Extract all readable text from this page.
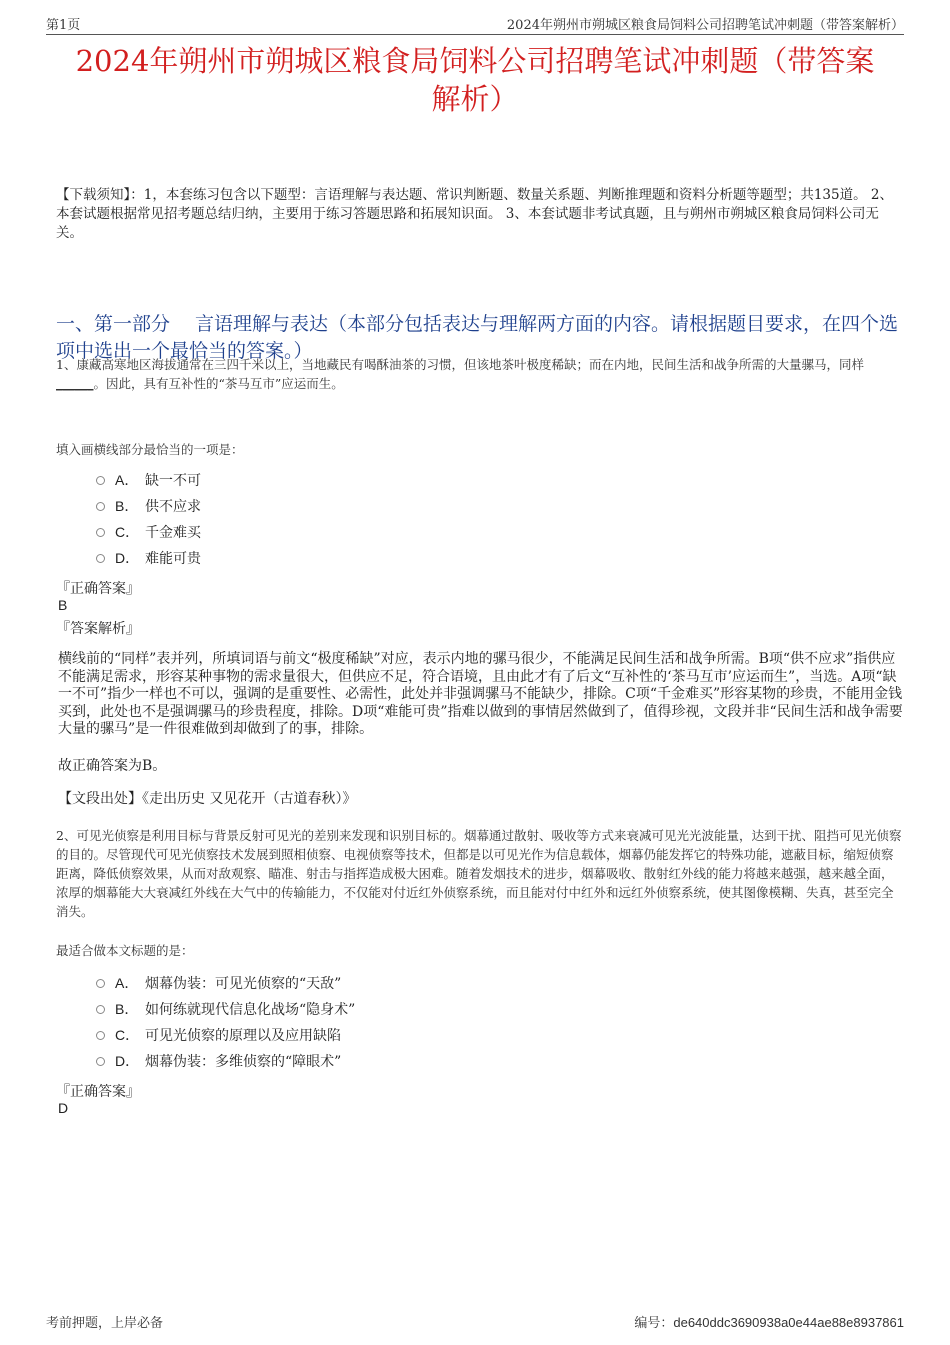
第1页	2024年朔州市朔城区粮食局饲料公司招聘笔试冲刺题（带答案解析）
2024年朔州市朔城区粮食局饲料公司招聘笔试冲刺题（带答案
解析）
【下载须知】：1，本套练习包含以下题型：言语理解与表达题、常识判断题、数量关系题、判断推理题和资料分析题等题型；共135道。 2、本套试题根据常见招考题总结归纳，主要用于练习答题思路和拓展知识面。 3、本套试题非考试真题，且与朔州市朔城区粮食局饲料公司无关。
一、第一部分　 言语理解与表达（本部分包括表达与理解两方面的内容。请根据题目要求，在四个选项中选出一个最恰当的答案。）
1、康藏高寒地区海拔通常在三四千米以上，当地藏民有喝酥油茶的习惯，但该地茶叶极度稀缺；而在内地，民间生活和战争所需的大量骡马，同样______。因此，具有互补性的“茶马互市”应运而生。
填入画横线部分最恰当的一项是：
A． 缺一不可
B． 供不应求
C． 千金难买
D． 难能可贵
『正确答案』
B
『答案解析』
横线前的“同样”表并列，所填词语与前文“极度稀缺”对应，表示内地的骡马很少，不能满足民间生活和战争所需。B项“供不应求”指供应不能满足需求，形容某种事物的需求量很大，但供应不足，符合语境，且由此才有了后文“互补性的‘茶马互市’应运而生”，当选。A项“缺一不可”指少一样也不可以，强调的是重要性、必需性，此处并非强调骡马不能缺少，排除。C项“千金难买”形容某物的珍贵，不能用金钱买到，此处也不是强调骡马的珍贵程度，排除。D项“难能可贵”指难以做到的事情居然做到了，值得珍视，文段并非“民间生活和战争需要大量的骡马”是一件很难做到却做到了的事，排除。
故正确答案为B。
【文段出处】《走出历史 又见花开（古道春秋）》
2、可见光侦察是利用目标与背景反射可见光的差别来发现和识别目标的。烟幕通过散射、吸收等方式来衰减可见光光波能量，达到干扰、阻挡可见光侦察的目的。尽管现代可见光侦察技术发展到照相侦察、电视侦察等技术，但都是以可见光作为信息载体，烟幕仍能发挥它的特殊功能，遮蔽目标，缩短侦察距离，降低侦察效果，从而对敌观察、瞄准、射击与指挥造成极大困难。随着发烟技术的进步，烟幕吸收、散射红外线的能力将越来越强，越来越全面，浓厚的烟幕能大大衰减红外线在大气中的传输能力，不仅能对付近红外侦察系统，而且能对付中红外和远红外侦察系统，使其图像模糊、失真，甚至完全消失。
最适合做本文标题的是：
A． 烟幕伪装：可见光侦察的“天敌”
B． 如何练就现代信息化战场“隐身术”
C． 可见光侦察的原理以及应用缺陷
D． 烟幕伪装：多维侦察的“障眼术”
『正确答案』
D
考前押题，上岸必备	编号：de640ddc3690938a0e44ae88e8937861
